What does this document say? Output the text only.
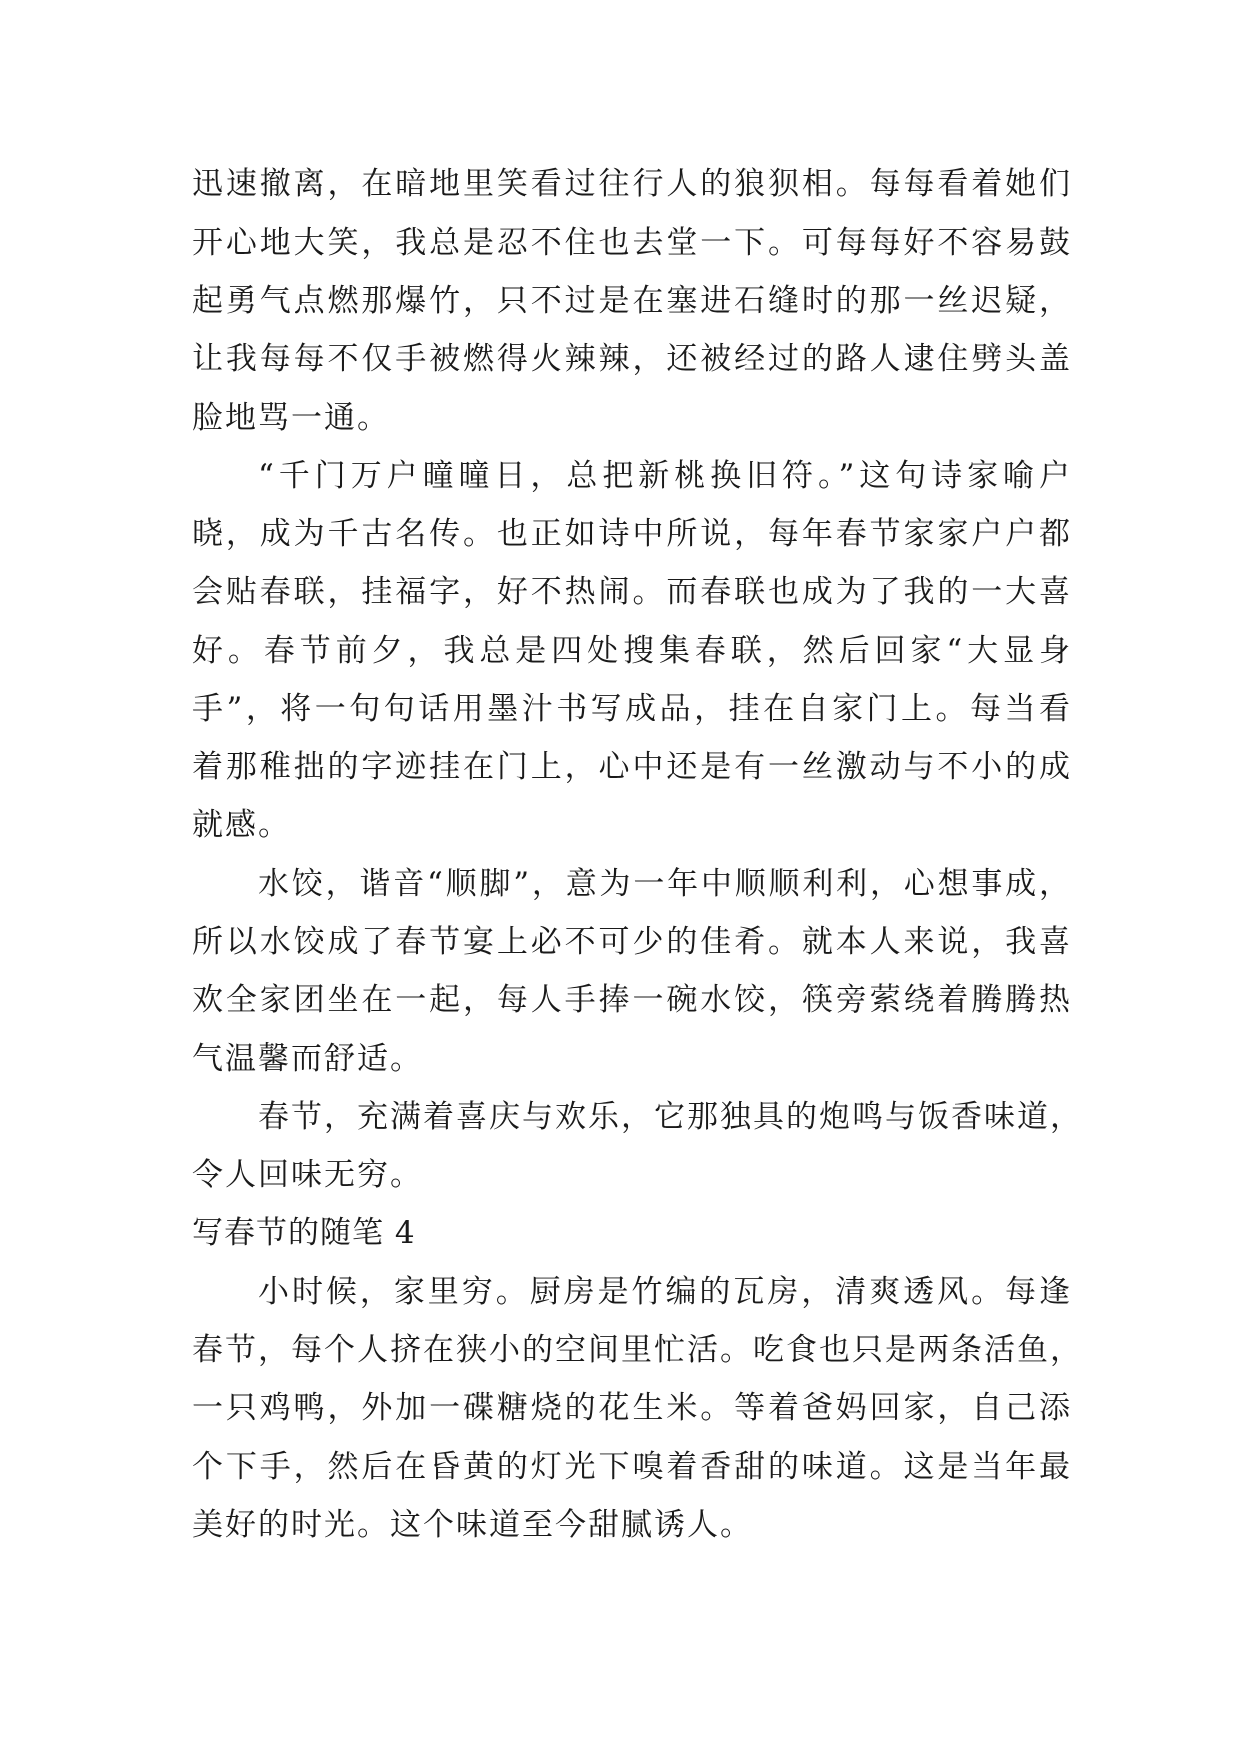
迅速撤离，在暗地里笑看过往行人的狼狈相。每每看着她们
开心地大笑，我总是忍不住也去堂一下。可每每好不容易鼓
起勇气点燃那爆竹，只不过是在塞进石缝时的那一丝迟疑，
让我每每不仅手被燃得火辣辣，还被经过的路人逮住劈头盖
脸地骂一通。
“千门万户曈曈日，总把新桃换旧符。”这句诗家喻户
晓，成为千古名传。也正如诗中所说，每年春节家家户户都
会贴春联，挂福字，好不热闹。而春联也成为了我的一大喜
好。春节前夕，我总是四处搜集春联，然后回家“大显身
手”，将一句句话用墨汁书写成品，挂在自家门上。每当看
着那稚拙的字迹挂在门上，心中还是有一丝激动与不小的成
就感。
水饺，谐音“顺脚”，意为一年中顺顺利利，心想事成，
所以水饺成了春节宴上必不可少的佳肴。就本人来说，我喜
欢全家团坐在一起，每人手捧一碗水饺，筷旁萦绕着腾腾热
气温馨而舒适。
春节，充满着喜庆与欢乐，它那独具的炮鸣与饭香味道，
令人回味无穷。
写春节的随笔 4
小时候，家里穷。厨房是竹编的瓦房，清爽透风。每逢
春节，每个人挤在狭小的空间里忙活。吃食也只是两条活鱼，
一只鸡鸭，外加一碟糖烧的花生米。等着爸妈回家，自己添
个下手，然后在昏黄的灯光下嗅着香甜的味道。这是当年最
美好的时光。这个味道至今甜腻诱人。
